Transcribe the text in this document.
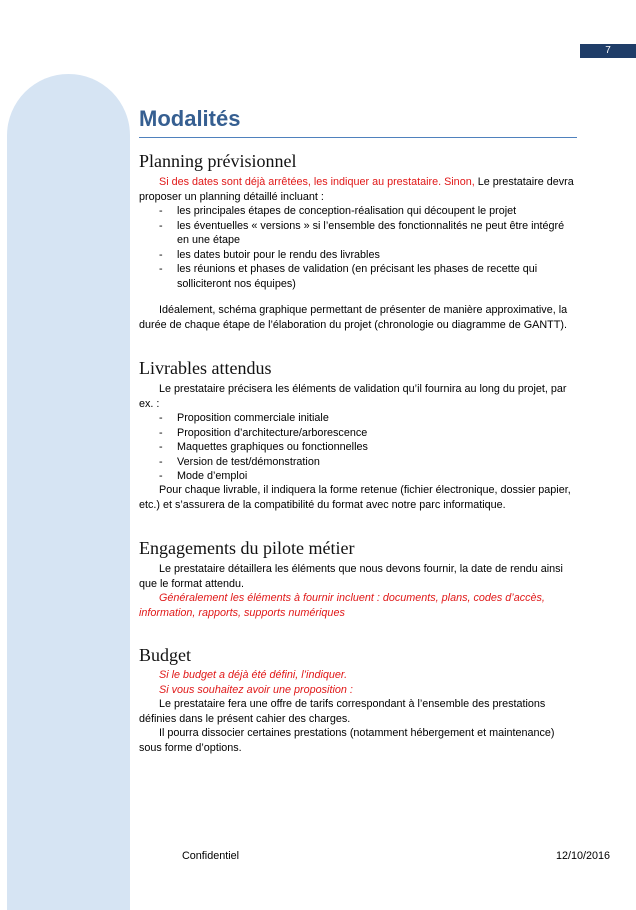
7
Modalités
Planning prévisionnel

Si des dates sont déjà arrêtées, les indiquer au prestataire. Sinon, Le prestataire devra proposer un planning détaillé incluant :

- les principales étapes de conception-réalisation qui découpent le projet
- les éventuelles « versions » si l’ensemble des fonctionnalités ne peut être intégré en une étape
- les dates butoir pour le rendu des livrables
- les réunions et phases de validation (en précisant les phases de recette qui solliciteront nos équipes)

Idéalement, schéma graphique permettant de présenter de manière approximative, la durée de chaque étape de l’élaboration du projet (chronologie ou diagramme de GANTT).

Livrables attendus

Le prestataire précisera les éléments de validation qu’il fournira au long du projet, par ex. :

- Proposition commerciale initiale
- Proposition d’architecture/arborescence
- Maquettes graphiques ou fonctionnelles
- Version de test/démonstration
- Mode d’emploi

Pour chaque livrable, il indiquera la forme retenue (fichier électronique, dossier papier, etc.) et s’assurera de la compatibilité du format avec notre parc informatique.

Engagements du pilote métier

Le prestataire détaillera les éléments que nous devons fournir, la date de rendu ainsi que le format attendu.

Généralement les éléments à fournir incluent : documents, plans, codes d’accès, information, rapports, supports numériques

Budget

Si le budget a déjà été défini, l’indiquer.

Si vous souhaitez avoir une proposition :

Le prestataire fera une offre de tarifs correspondant à l’ensemble des prestations définies dans le présent cahier des charges.

Il pourra dissocier certaines prestations (notamment hébergement et maintenance) sous forme d’options.

Confidentiel	12/10/2016
